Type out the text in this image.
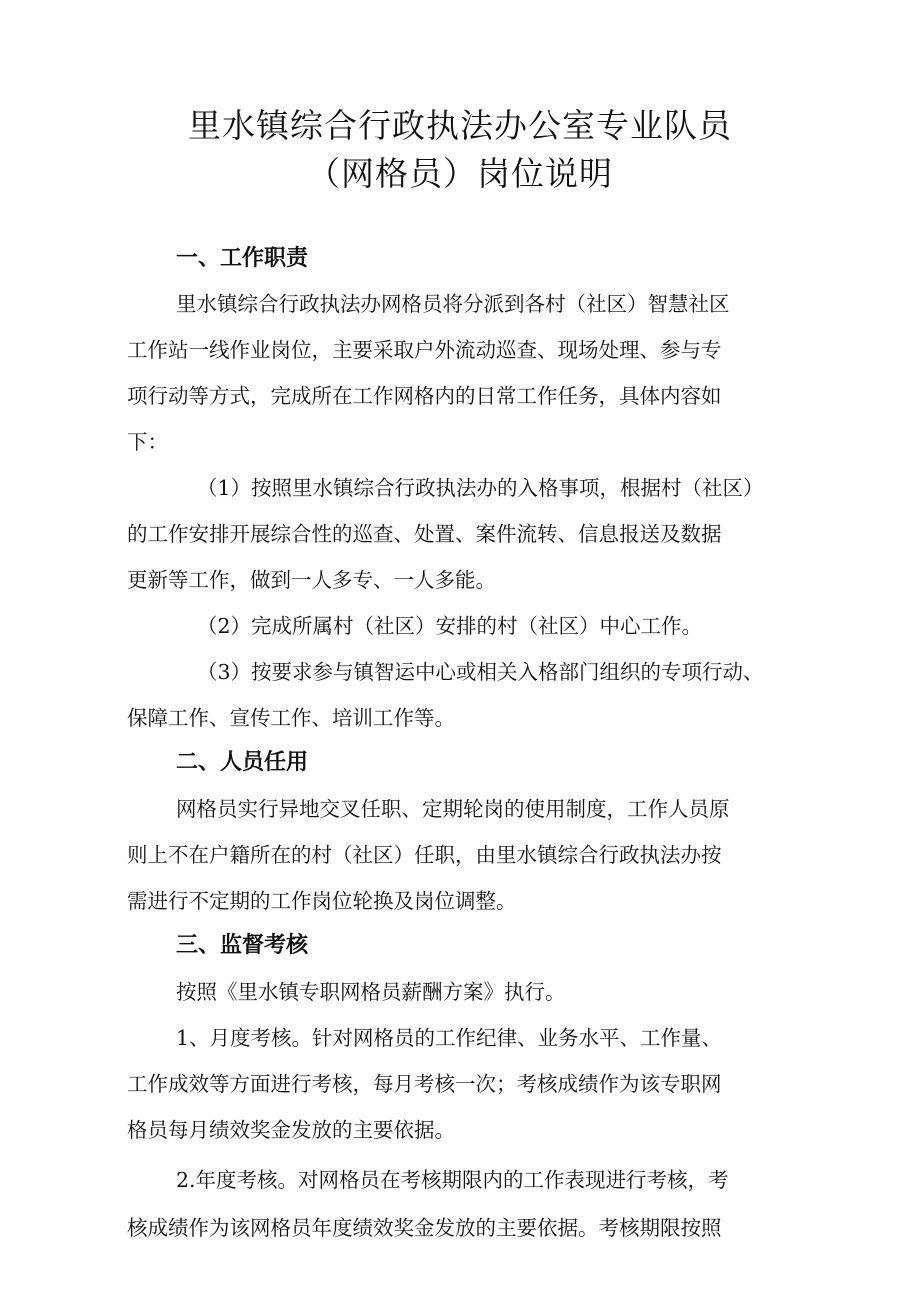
里水镇综合行政执法办公室专业队员
（网格员）岗位说明
一、工作职责
里水镇综合行政执法办网格员将分派到各村（社区）智慧社区
工作站一线作业岗位，主要采取户外流动巡查、现场处理、参与专
项行动等方式，完成所在工作网格内的日常工作任务，具体内容如
下：
（1）按照里水镇综合行政执法办的入格事项，根据村（社区）
的工作安排开展综合性的巡查、处置、案件流转、信息报送及数据
更新等工作，做到一人多专、一人多能。
（2）完成所属村（社区）安排的村（社区）中心工作。
（3）按要求参与镇智运中心或相关入格部门组织的专项行动、
保障工作、宣传工作、培训工作等。
二、人员任用
网格员实行异地交叉任职、定期轮岗的使用制度，工作人员原
则上不在户籍所在的村（社区）任职，由里水镇综合行政执法办按
需进行不定期的工作岗位轮换及岗位调整。
三、监督考核
按照《里水镇专职网格员薪酬方案》执行。
1、月度考核。针对网格员的工作纪律、业务水平、工作量、
工作成效等方面进行考核，每月考核一次；考核成绩作为该专职网
格员每月绩效奖金发放的主要依据。
2.年度考核。对网格员在考核期限内的工作表现进行考核，考
核成绩作为该网格员年度绩效奖金发放的主要依据。考核期限按照
